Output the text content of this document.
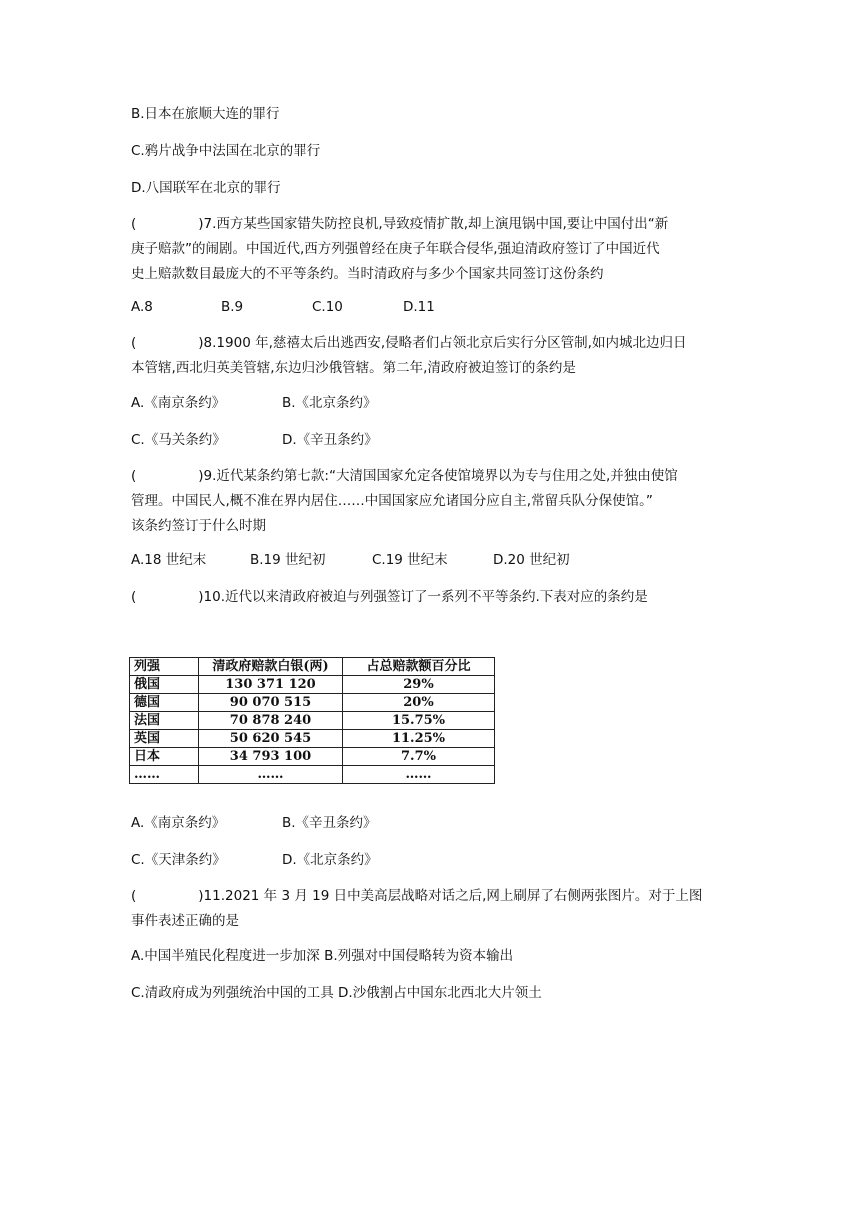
B.日本在旅顺大连的罪行
C.鸦片战争中法国在北京的罪行
D.八国联军在北京的罪行
(	)7.西方某些国家错失防控良机,导致疫情扩散,却上演甩锅中国,要让中国付出“新
庚子赔款”的闹剧。中国近代,西方列强曾经在庚子年联合侵华,强迫清政府签订了中国近代
史上赔款数目最庞大的不平等条约。当时清政府与多少个国家共同签订这份条约
A.8	B.9	C.10	D.11
(	)8.1900 年,慈禧太后出逃西安,侵略者们占领北京后实行分区管制,如内城北边归日
本管辖,西北归英美管辖,东边归沙俄管辖。第二年,清政府被迫签订的条约是
A.《南京条约》	B.《北京条约》
C.《马关条约》	D.《辛丑条约》
(	)9.近代某条约第七款:“大清国国家允定各使馆境界以为专与住用之处,并独由使馆
管理。中国民人,概不准在界内居住……中国国家应允诸国分应自主,常留兵队分保使馆。”
该条约签订于什么时期
A.18 世纪末	B.19 世纪初	C.19 世纪末	D.20 世纪初
(	)10.近代以来清政府被迫与列强签订了一系列不平等条约.下表对应的条约是
列强	清政府赔款白银(两)	占总赔款额百分比
俄国	130 371 120	29%
德国	90 070 515	20%
法国	70 878 240	15.75%
英国	50 620 545	11.25%
日本	34 793 100	7.7%
……	……	……
A.《南京条约》	B.《辛丑条约》
C.《天津条约》	D.《北京条约》
(	)11.2021 年 3 月 19 日中美高层战略对话之后,网上刷屏了右侧两张图片。对于上图
事件表述正确的是
A.中国半殖民化程度进一步加深 B.列强对中国侵略转为资本输出
C.清政府成为列强统治中国的工具 D.沙俄割占中国东北西北大片领土
